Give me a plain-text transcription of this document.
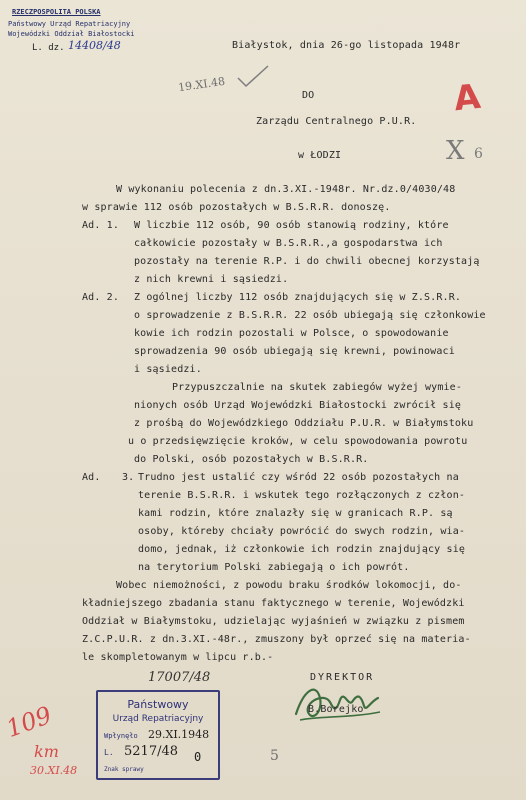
RZECZPOSPOLITA POLSKA
Państwowy Urząd Repatriacyjny
Wojewódzki Oddział Białostocki
L. dz. 14408/48	Białystok, dnia 26-go listopada 1948r
19.XI.48
DO
Zarządu Centralnego P.U.R.
w ŁODZI
A
X 6
W wykonaniu polecenia z dn.3.XI.-1948r. Nr.dz.0/4030/48
w sprawie 112 osób pozostałych w B.S.R.R. donoszę.
Ad. 1. W liczbie 112 osób, 90 osób stanowią rodziny, które
całkowicie pozostały w B.S.R.R.,a gospodarstwa ich
pozostały na terenie R.P. i do chwili obecnej korzystają
z nich krewni i sąsiedzi.
Ad. 2. Z ogólnej liczby 112 osób znajdujących się w Z.S.R.R.
o sprowadzenie z B.S.R.R. 22 osób ubiegają się członkowie
kowie ich rodzin pozostali w Polsce, o spowodowanie
sprowadzenia 90 osób ubiegają się krewni, powinowaci
i sąsiedzi.
Przypuszczalnie na skutek zabiegów wyżej wymie-
nionych osób Urząd Wojewódzki Białostocki zwrócił się
z prośbą do Wojewódzkiego Oddziału P.U.R. w Białymstoku
u o przedsięwzięcie kroków, w celu spowodowania powrotu
do Polski, osób pozostałych w B.S.R.R.
Ad. 3. Trudno jest ustalić czy wśród 22 osób pozostałych na
terenie B.S.R.R. i wskutek tego rozłączonych z człon-
kami rodzin, które znalazły się w granicach R.P. są
osoby, któreby chciały powrócić do swych rodzin, wia-
domo, jednak, iż członkowie ich rodzin znajdujący się
na terytorium Polski zabiegają o ich powrót.
Wobec niemożności, z powodu braku środków lokomocji, do-
kładniejszego zbadania stanu faktycznego w terenie, Wojewódzki
Oddział w Białymstoku, udzielając wyjaśnień w związku z pismem
Z.C.P.U.R. z dn.3.XI.-48r., zmuszony był oprzeć się na materia-
le skompletowanym w lipcu r.b.-
DYREKTOR
B.Borejko
17007/48
Państwowy
Urząd Repatriacyjny
Wpłynęło 29.XI.1948
L. 5217/48 0
Znak sprawy
109
km
30.XI.48
5
